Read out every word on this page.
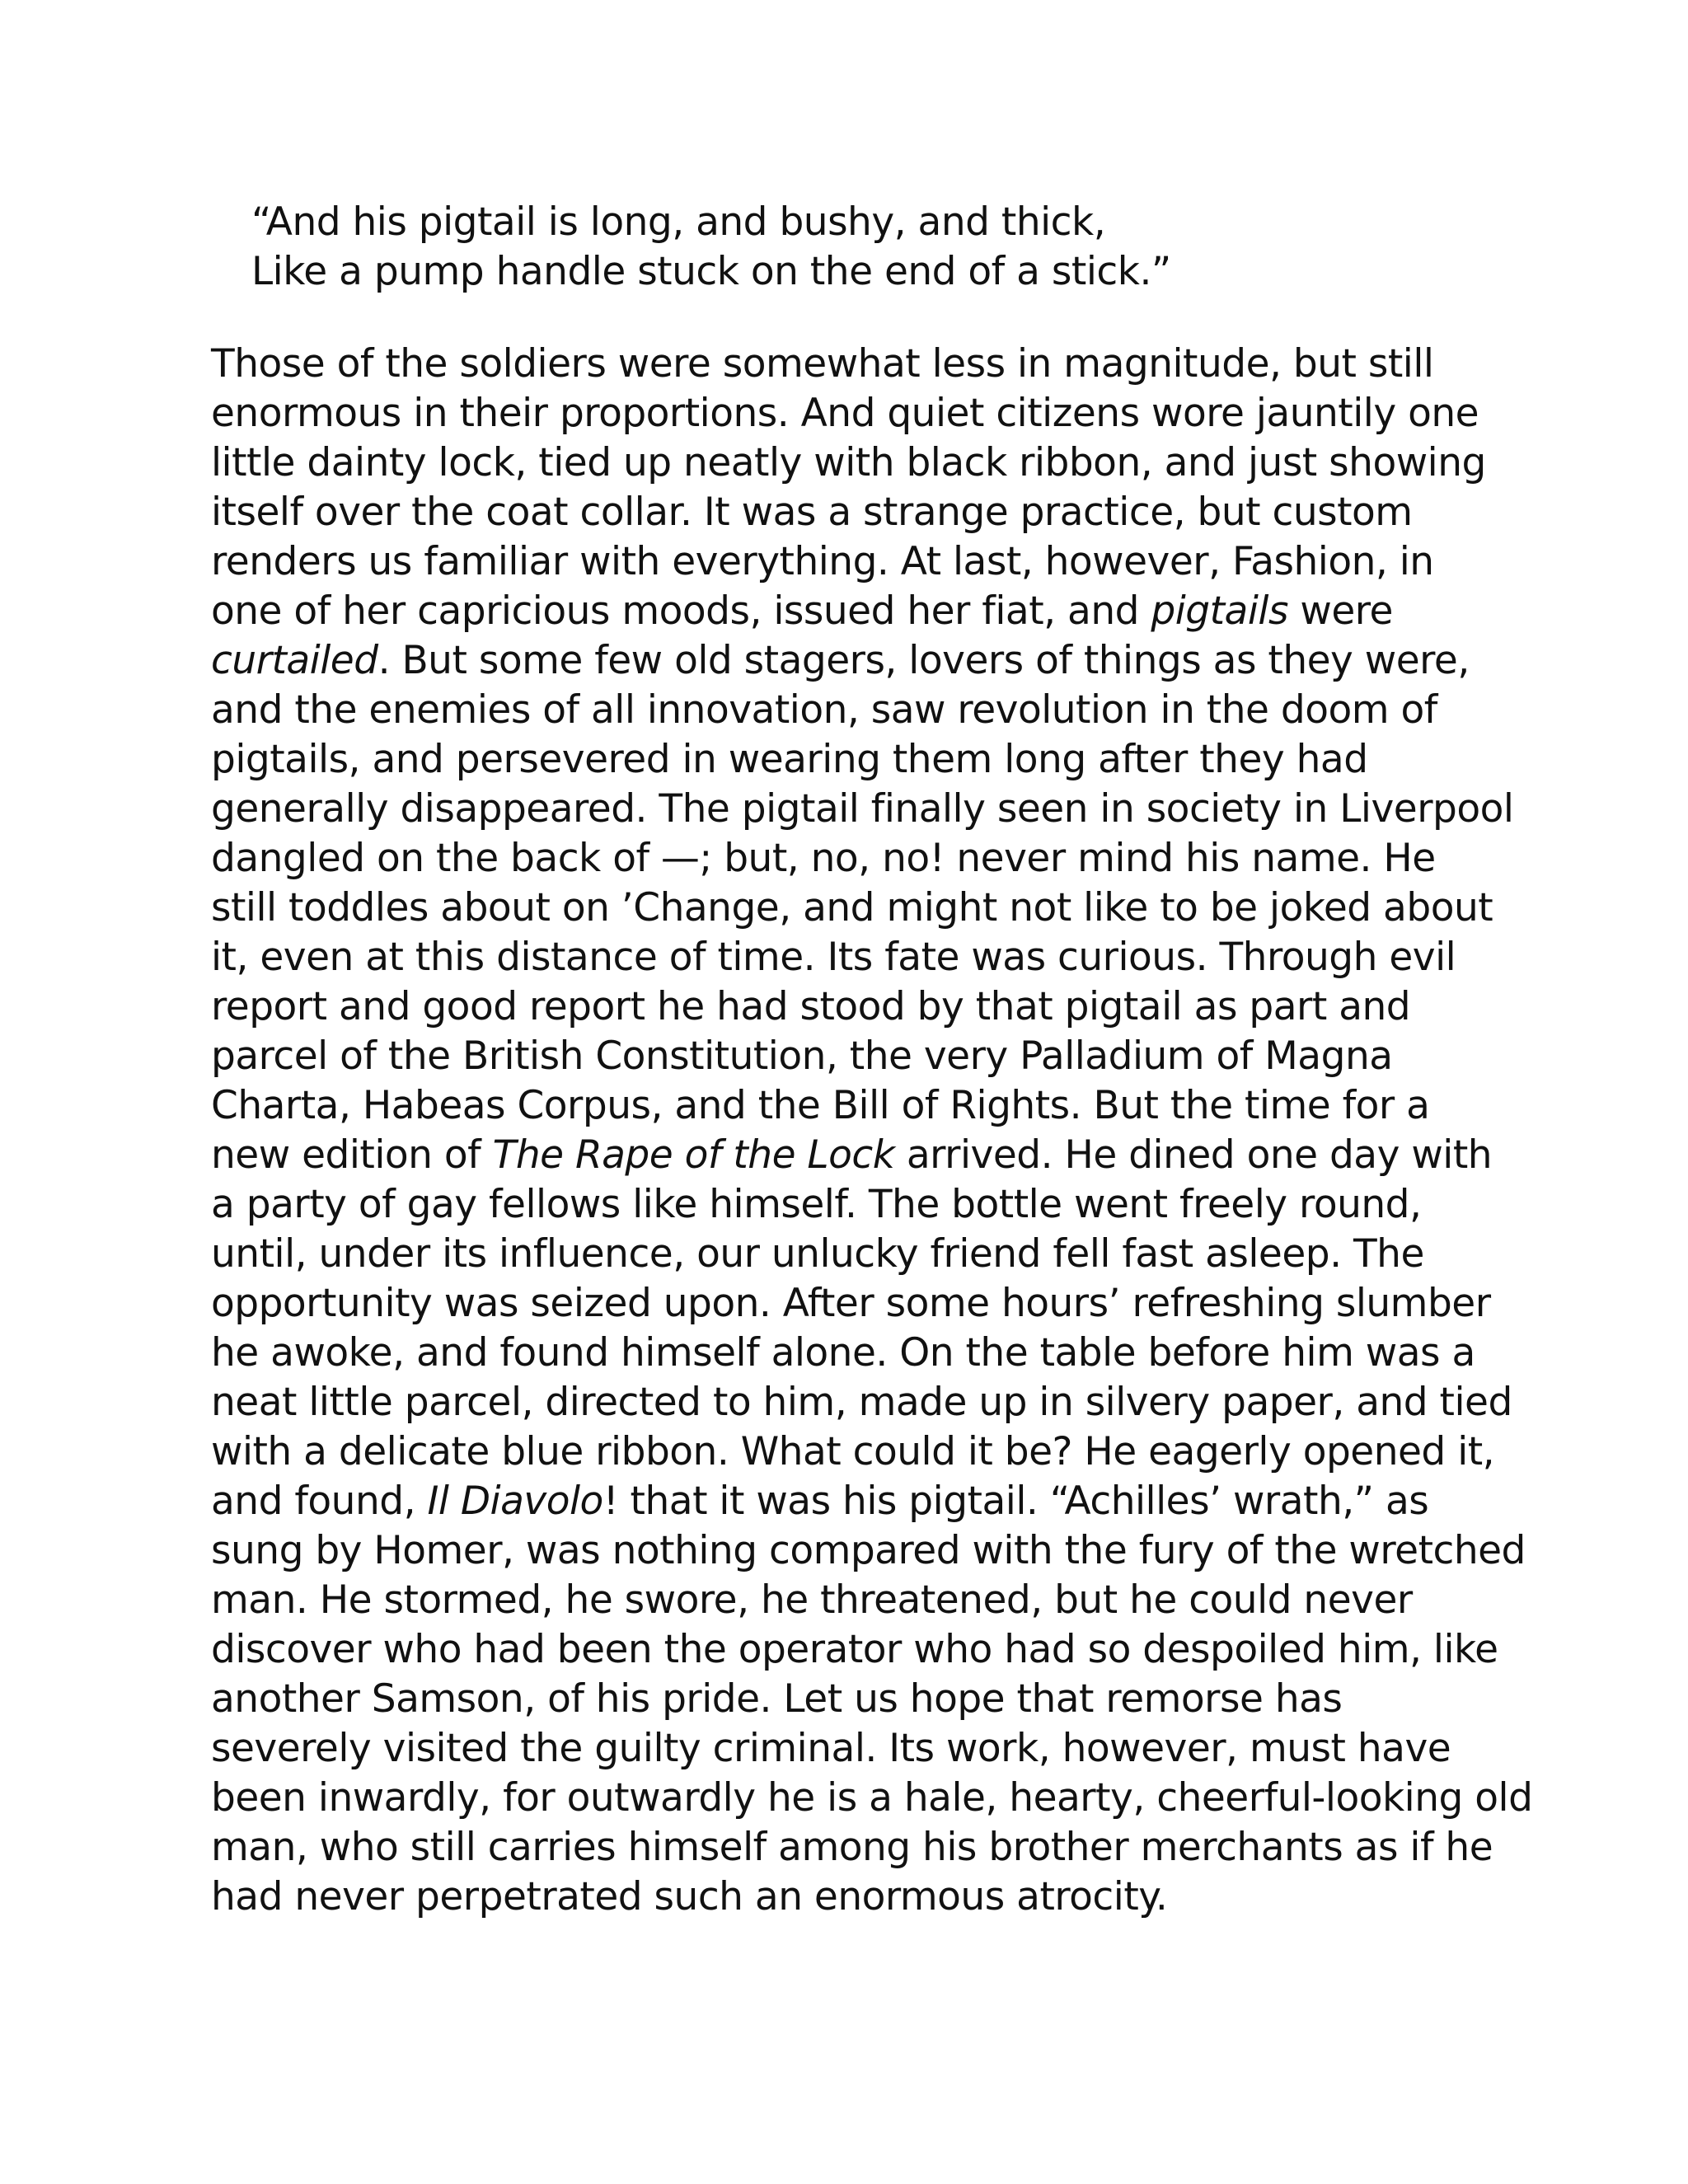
“And his pigtail is long, and bushy, and thick,
Like a pump handle stuck on the end of a stick.”
Those of the soldiers were somewhat less in magnitude, but still
enormous in their proportions. And quiet citizens wore jauntily one
little dainty lock, tied up neatly with black ribbon, and just showing
itself over the coat collar. It was a strange practice, but custom
renders us familiar with everything. At last, however, Fashion, in
one of her capricious moods, issued her fiat, and pigtails were
curtailed. But some few old stagers, lovers of things as they were,
and the enemies of all innovation, saw revolution in the doom of
pigtails, and persevered in wearing them long after they had
generally disappeared. The pigtail finally seen in society in Liverpool
dangled on the back of —; but, no, no! never mind his name. He
still toddles about on ’Change, and might not like to be joked about
it, even at this distance of time. Its fate was curious. Through evil
report and good report he had stood by that pigtail as part and
parcel of the British Constitution, the very Palladium of Magna
Charta, Habeas Corpus, and the Bill of Rights. But the time for a
new edition of The Rape of the Lock arrived. He dined one day with
a party of gay fellows like himself. The bottle went freely round,
until, under its influence, our unlucky friend fell fast asleep. The
opportunity was seized upon. After some hours’ refreshing slumber
he awoke, and found himself alone. On the table before him was a
neat little parcel, directed to him, made up in silvery paper, and tied
with a delicate blue ribbon. What could it be? He eagerly opened it,
and found, Il Diavolo! that it was his pigtail. “Achilles’ wrath,” as
sung by Homer, was nothing compared with the fury of the wretched
man. He stormed, he swore, he threatened, but he could never
discover who had been the operator who had so despoiled him, like
another Samson, of his pride. Let us hope that remorse has
severely visited the guilty criminal. Its work, however, must have
been inwardly, for outwardly he is a hale, hearty, cheerful-looking old
man, who still carries himself among his brother merchants as if he
had never perpetrated such an enormous atrocity.
